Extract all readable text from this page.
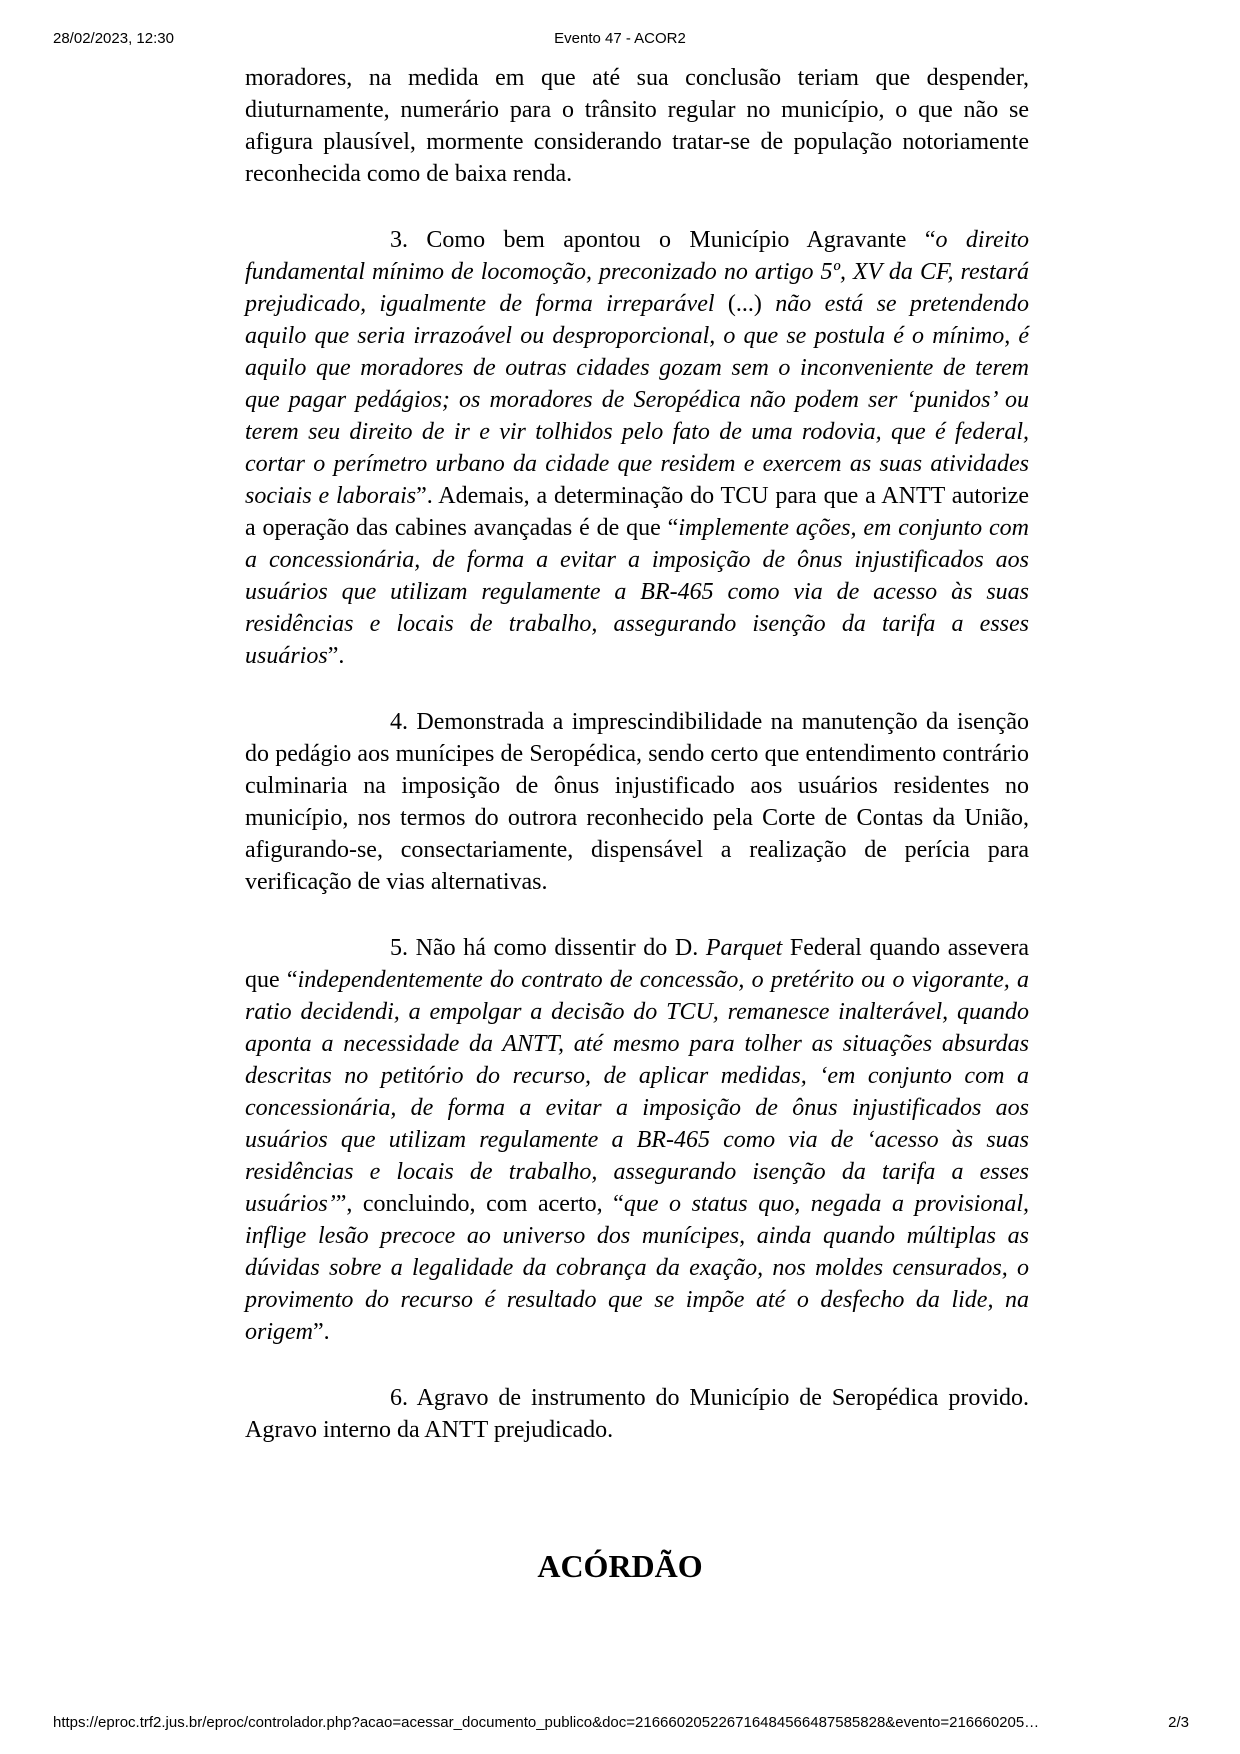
28/02/2023, 12:30	Evento 47 - ACOR2

moradores, na medida em que até sua conclusão teriam que despender, diuturnamente, numerário para o trânsito regular no município, o que não se afigura plausível, mormente considerando tratar-se de população notoriamente reconhecida como de baixa renda.

3. Como bem apontou o Município Agravante “o direito fundamental mínimo de locomoção, preconizado no artigo 5º, XV da CF, restará prejudicado, igualmente de forma irreparável (...) não está se pretendendo aquilo que seria irrazoável ou desproporcional, o que se postula é o mínimo, é aquilo que moradores de outras cidades gozam sem o inconveniente de terem que pagar pedágios; os moradores de Seropédica não podem ser ‘punidos’ ou terem seu direito de ir e vir tolhidos pelo fato de uma rodovia, que é federal, cortar o perímetro urbano da cidade que residem e exercem as suas atividades sociais e laborais”. Ademais, a determinação do TCU para que a ANTT autorize a operação das cabines avançadas é de que “implemente ações, em conjunto com a concessionária, de forma a evitar a imposição de ônus injustificados aos usuários que utilizam regulamente a BR-465 como via de acesso às suas residências e locais de trabalho, assegurando isenção da tarifa a esses usuários”.

4. Demonstrada a imprescindibilidade na manutenção da isenção do pedágio aos munícipes de Seropédica, sendo certo que entendimento contrário culminaria na imposição de ônus injustificado aos usuários residentes no município, nos termos do outrora reconhecido pela Corte de Contas da União, afigurando-se, consectariamente, dispensável a realização de perícia para verificação de vias alternativas.

5. Não há como dissentir do D. Parquet Federal quando assevera que “independentemente do contrato de concessão, o pretérito ou o vigorante, a ratio decidendi, a empolgar a decisão do TCU, remanesce inalterável, quando aponta a necessidade da ANTT, até mesmo para tolher as situações absurdas descritas no petitório do recurso, de aplicar medidas, ‘em conjunto com a concessionária, de forma a evitar a imposição de ônus injustificados aos usuários que utilizam regulamente a BR-465 como via de ‘acesso às suas residências e locais de trabalho, assegurando isenção da tarifa a esses usuários’”, concluindo, com acerto, “que o status quo, negada a provisional, inflige lesão precoce ao universo dos munícipes, ainda quando múltiplas as dúvidas sobre a legalidade da cobrança da exação, nos moldes censurados, o provimento do recurso é resultado que se impõe até o desfecho da lide, na origem”.

6. Agravo de instrumento do Município de Seropédica provido. Agravo interno da ANTT prejudicado.

ACÓRDÃO
https://eproc.trf2.jus.br/eproc/controlador.php?acao=acessar_documento_publico&doc=216660205226716484566487585828&evento=216660205…	2/3
